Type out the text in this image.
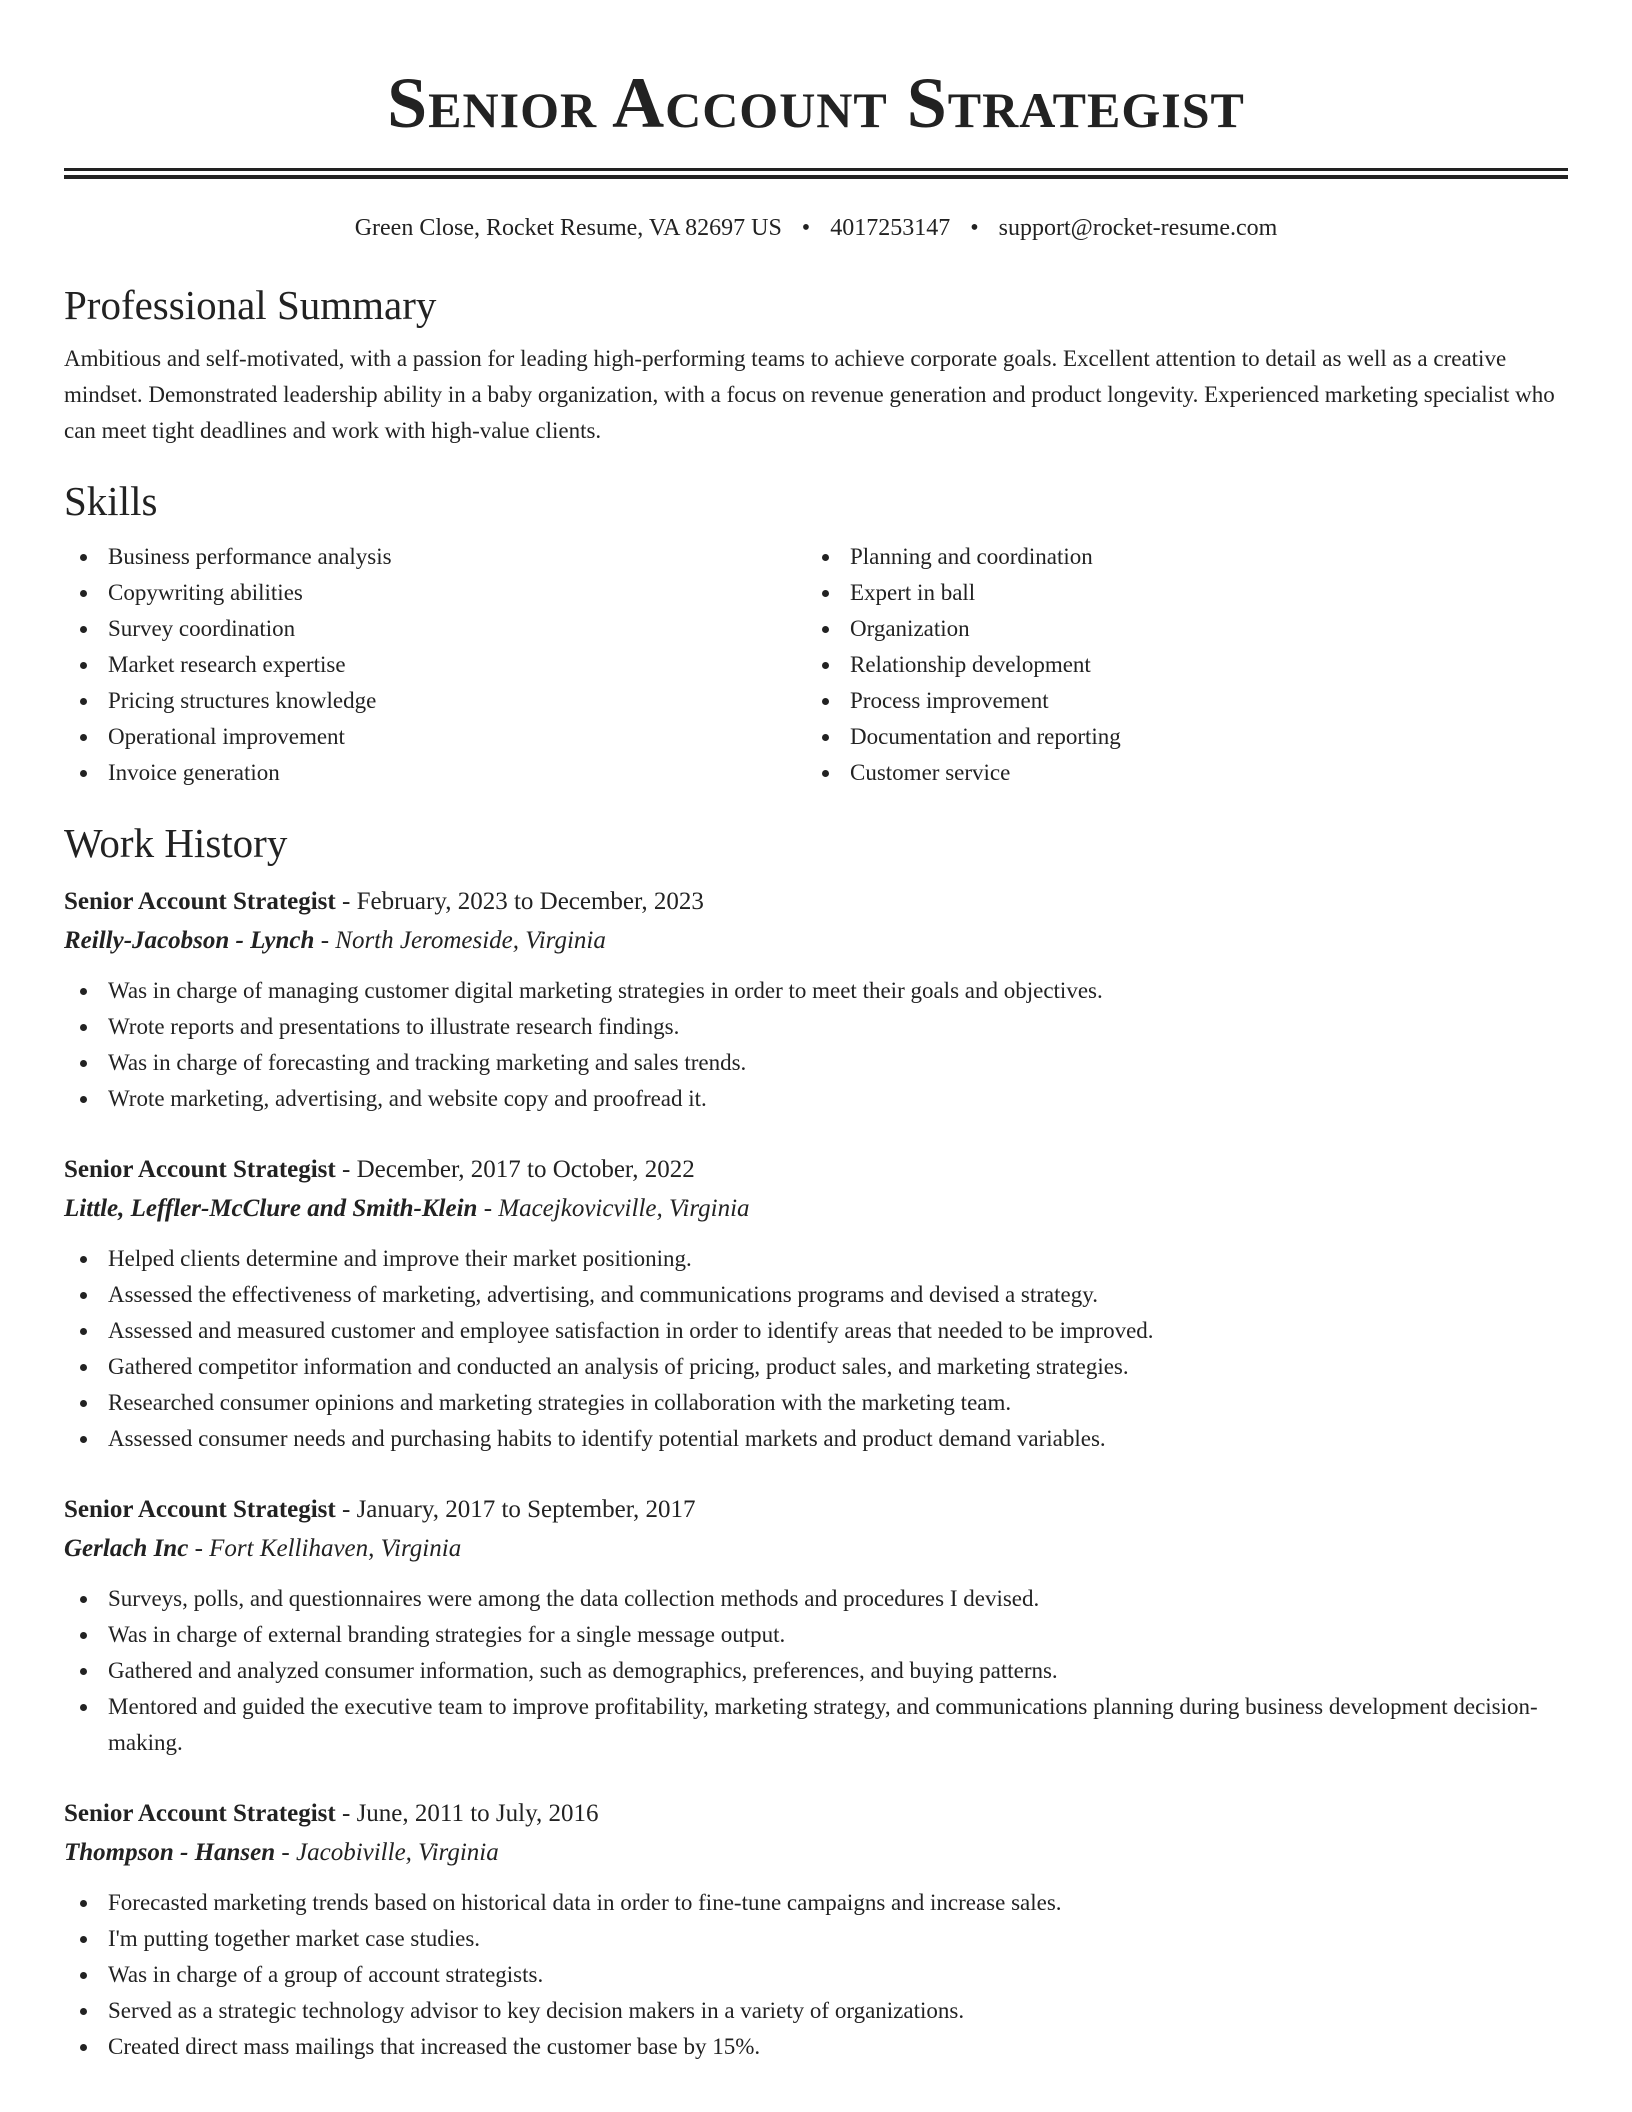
Senior Account Strategist
Green Close, Rocket Resume, VA 82697 US • 4017253147 • support@rocket-resume.com
Professional Summary
Ambitious and self-motivated, with a passion for leading high-performing teams to achieve corporate goals. Excellent attention to detail as well as a creative mindset. Demonstrated leadership ability in a baby organization, with a focus on revenue generation and product longevity. Experienced marketing specialist who can meet tight deadlines and work with high-value clients.
Skills
Business performance analysis
Copywriting abilities
Survey coordination
Market research expertise
Pricing structures knowledge
Operational improvement
Invoice generation
Planning and coordination
Expert in ball
Organization
Relationship development
Process improvement
Documentation and reporting
Customer service
Work History
Senior Account Strategist - February, 2023 to December, 2023
Reilly-Jacobson - Lynch - North Jeromeside, Virginia
Was in charge of managing customer digital marketing strategies in order to meet their goals and objectives.
Wrote reports and presentations to illustrate research findings.
Was in charge of forecasting and tracking marketing and sales trends.
Wrote marketing, advertising, and website copy and proofread it.
Senior Account Strategist - December, 2017 to October, 2022
Little, Leffler-McClure and Smith-Klein - Macejkovicville, Virginia
Helped clients determine and improve their market positioning.
Assessed the effectiveness of marketing, advertising, and communications programs and devised a strategy.
Assessed and measured customer and employee satisfaction in order to identify areas that needed to be improved.
Gathered competitor information and conducted an analysis of pricing, product sales, and marketing strategies.
Researched consumer opinions and marketing strategies in collaboration with the marketing team.
Assessed consumer needs and purchasing habits to identify potential markets and product demand variables.
Senior Account Strategist - January, 2017 to September, 2017
Gerlach Inc - Fort Kellihaven, Virginia
Surveys, polls, and questionnaires were among the data collection methods and procedures I devised.
Was in charge of external branding strategies for a single message output.
Gathered and analyzed consumer information, such as demographics, preferences, and buying patterns.
Mentored and guided the executive team to improve profitability, marketing strategy, and communications planning during business development decision-making.
Senior Account Strategist - June, 2011 to July, 2016
Thompson - Hansen - Jacobiville, Virginia
Forecasted marketing trends based on historical data in order to fine-tune campaigns and increase sales.
I'm putting together market case studies.
Was in charge of a group of account strategists.
Served as a strategic technology advisor to key decision makers in a variety of organizations.
Created direct mass mailings that increased the customer base by 15%.
